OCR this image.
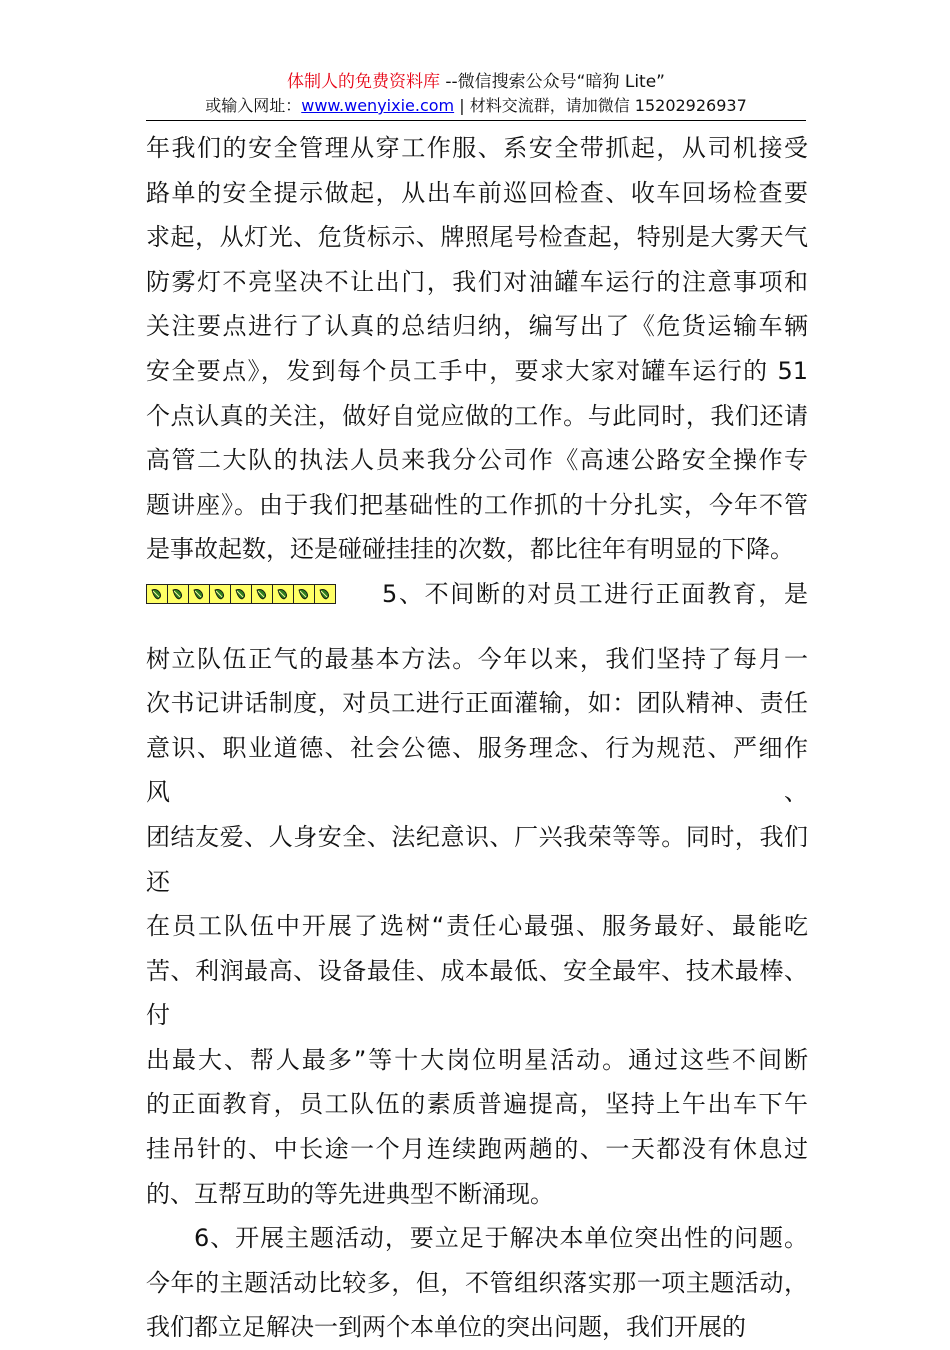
体制人的免费资料库 --微信搜索公众号“暗狗 Lite”
或输入网址：www.wenyixie.com | 材料交流群，请加微信 15202926937

年我们的安全管理从穿工作服、系安全带抓起，从司机接受

路单的安全提示做起，从出车前巡回检查、收车回场检查要

求起，从灯光、危货标示、牌照尾号检查起，特别是大雾天气

防雾灯不亮坚决不让出门，我们对油罐车运行的注意事项和

关注要点进行了认真的总结归纳，编写出了《危货运输车辆

安全要点》，发到每个员工手中，要求大家对罐车运行的 51

个点认真的关注，做好自觉应做的工作。与此同时，我们还请

高管二大队的执法人员来我分公司作《高速公路安全操作专

题讲座》。由于我们把基础性的工作抓的十分扎实，今年不管

是事故起数，还是碰碰挂挂的次数，都比往年有明显的下降。

5、不间断的对员工进行正面教育，是

树立队伍正气的最基本方法。今年以来，我们坚持了每月一

次书记讲话制度，对员工进行正面灌输，如：团队精神、责任

意识、职业道德、社会公德、服务理念、行为规范、严细作风、

团结友爱、人身安全、法纪意识、厂兴我荣等等。同时，我们还

在员工队伍中开展了选树“责任心最强、服务最好、最能吃

苦、利润最高、设备最佳、成本最低、安全最牢、技术最棒、付

出最大、帮人最多”等十大岗位明星活动。通过这些不间断

的正面教育，员工队伍的素质普遍提高，坚持上午出车下午

挂吊针的、中长途一个月连续跑两趟的、一天都没有休息过

的、互帮互助的等先进典型不断涌现。

6、开展主题活动，要立足于解决本单位突出性的问题。

今年的主题活动比较多，但，不管组织落实那一项主题活动，

我们都立足解决一到两个本单位的突出问题，我们开展的
